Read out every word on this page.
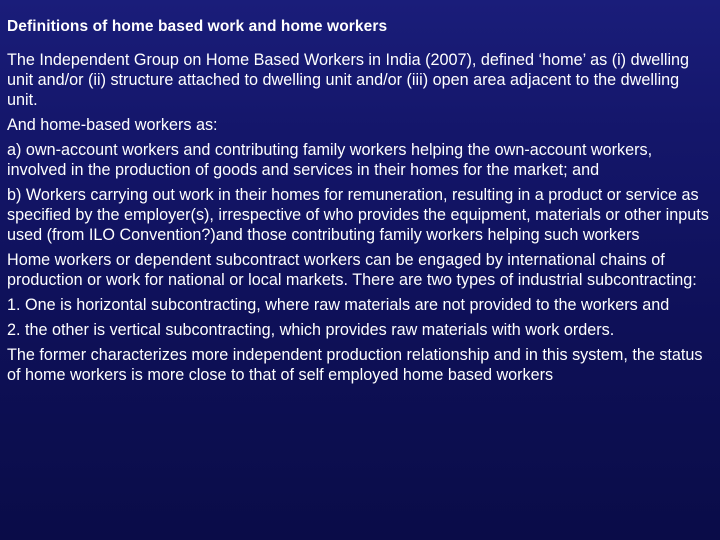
Definitions of home based work and home workers
The Independent Group on Home Based Workers in India (2007), defined ‘home’ as (i) dwelling unit and/or (ii) structure attached to dwelling unit and/or (iii) open area adjacent to the dwelling unit.
And home-based workers as:
a) own-account workers and contributing family workers helping the own-account workers, involved in the production of goods and services in their homes for the market; and
b) Workers carrying out work in their homes for remuneration, resulting in a product or service as specified by the employer(s), irrespective of who provides the equipment, materials or other inputs used (from ILO Convention?)and those contributing family workers helping such workers
Home workers or dependent subcontract workers can be engaged by international chains of production or work for national or local markets. There are two types of industrial subcontracting:
1. One is horizontal subcontracting, where raw materials are not provided to the workers and
2. the other is vertical subcontracting, which provides raw materials with work orders.
The former characterizes more independent production relationship and in this system, the status of home workers is more close to that of self employed home based workers
